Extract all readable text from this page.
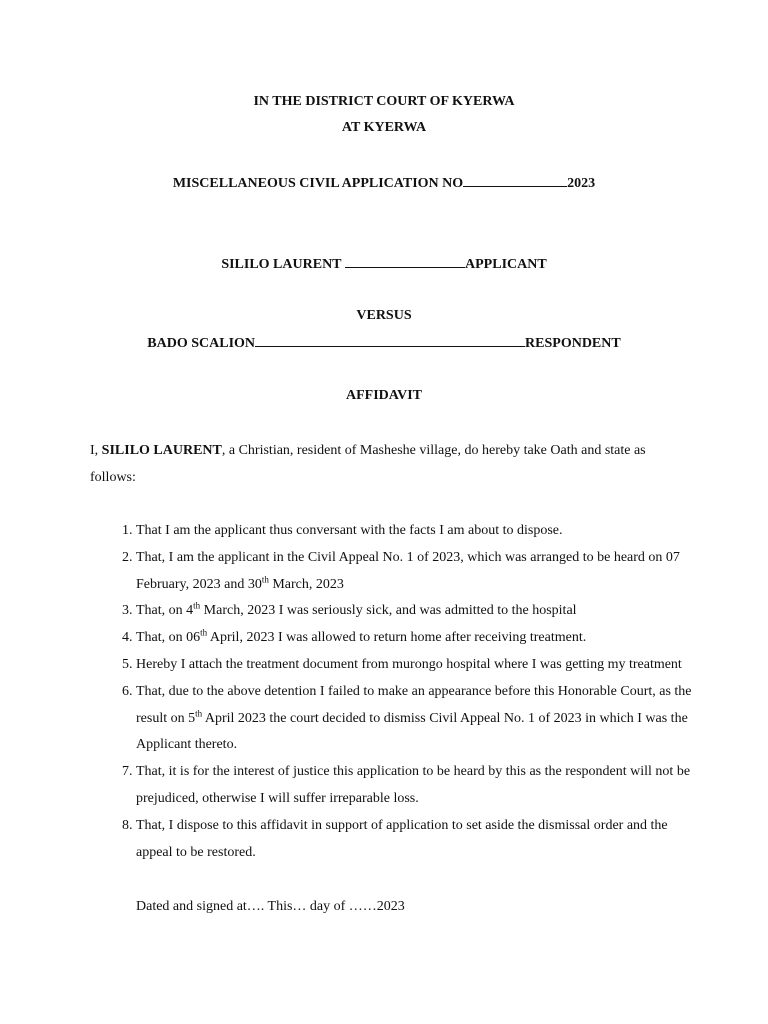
IN THE DISTRICT COURT OF KYERWA
AT KYERWA
MISCELLANEOUS CIVIL APPLICATION NO	2023
SILILO LAURENT	APPLICANT
VERSUS
BADO SCALION	RESPONDENT
AFFIDAVIT
I, SILILO LAURENT, a Christian, resident of Masheshe village, do hereby take Oath and state as follows:
1. That I am the applicant thus conversant with the facts I am about to dispose.
2. That, I am the applicant in the Civil Appeal No. 1 of 2023, which was arranged to be heard on 07 February, 2023 and 30th March, 2023
3. That, on 4th March, 2023 I was seriously sick, and was admitted to the hospital
4. That, on 06th April, 2023 I was allowed to return home after receiving treatment.
5. Hereby I attach the treatment document from murongo hospital where I was getting my treatment
6. That, due to the above detention I failed to make an appearance before this Honorable Court, as the result on 5th April 2023 the court decided to dismiss Civil Appeal No. 1 of 2023 in which I was the Applicant thereto.
7. That, it is for the interest of justice this application to be heard by this as the respondent will not be prejudiced, otherwise I will suffer irreparable loss.
8. That, I dispose to this affidavit in support of application to set aside the dismissal order and the appeal to be restored.
Dated and signed at…. This… day of ……2023
